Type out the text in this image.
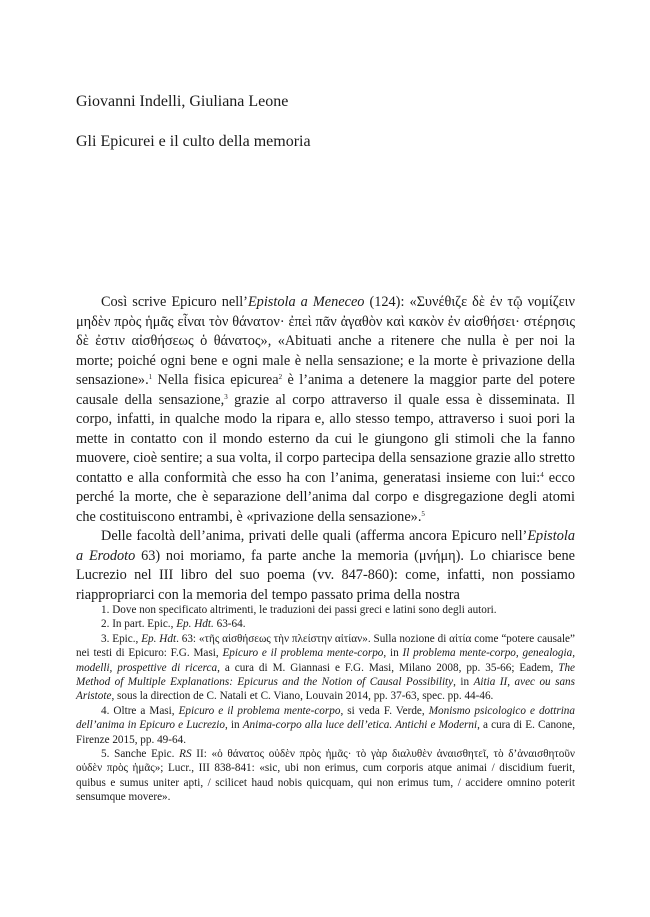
Giovanni Indelli, Giuliana Leone
Gli Epicurei e il culto della memoria

Così scrive Epicuro nell’Epistola a Meneceo (124): «Συνέθιζε δὲ ἐν τῷ νομίζειν μηδὲν πρὸς ἡμᾶς εἶναι τὸν θάνατον· ἐπεὶ πᾶν ἀγαθὸν καὶ κακὸν ἐν αἰσθήσει· στέρησις δὲ ἐστιν αἰσθήσεως ὁ θάνατος», «Abituati anche a ritenere che nulla è per noi la morte; poiché ogni bene e ogni male è nella sensazione; e la morte è privazione della sensazione».$^1$ Nella fisica epicurea$^2$ è l’anima a detenere la maggior parte del potere causale della sensazione,$^3$ grazie al corpo attraverso il quale essa è disseminata. Il corpo, infatti, in qualche modo la ripara e, allo stesso tempo, attraverso i suoi pori la mette in contatto con il mondo esterno da cui le giungono gli stimoli che la fanno muovere, cioè sentire; a sua volta, il corpo partecipa della sensazione grazie allo stretto contatto e alla conformità che esso ha con l’anima, generatasi insieme con lui:$^4$ ecco perché la morte, che è separazione dell’anima dal corpo e disgregazione degli atomi che costituiscono entrambi, è «privazione della sensazione».$^5$

Delle facoltà dell’anima, privati delle quali (afferma ancora Epicuro nell’Epistola a Erodoto 63) noi moriamo, fa parte anche la memoria (μνήμη). Lo chiarisce bene Lucrezio nel III libro del suo poema (vv. 847-860): come, infatti, non possiamo riappropriarci con la memoria del tempo passato prima della nostra

1. Dove non specificato altrimenti, le traduzioni dei passi greci e latini sono degli autori.

2. In part. Epic., Ep. Hdt. 63-64.

3. Epic., Ep. Hdt. 63: «τῆς αἰσθήσεως τὴν πλείστην αἰτίαν». Sulla nozione di αἰτία come “potere causale” nei testi di Epicuro: F.G. Masi, Epicuro e il problema mente-corpo, in Il problema mente-corpo, genealogia, modelli, prospettive di ricerca, a cura di M. Giannasi e F.G. Masi, Milano 2008, pp. 35-66; Eadem, The Method of Multiple Explanations: Epicurus and the Notion of Causal Possibility, in Aitia II, avec ou sans Aristote, sous la direction de C. Natali et C. Viano, Louvain 2014, pp. 37-63, spec. pp. 44-46.

4. Oltre a Masi, Epicuro e il problema mente-corpo, si veda F. Verde, Monismo psicologico e dottrina dell’anima in Epicuro e Lucrezio, in Anima-corpo alla luce dell’etica. Antichi e Moderni, a cura di E. Canone, Firenze 2015, pp. 49-64.

5. Sanche Epic. RS II: «ὁ θάνατος οὐδὲν πρὸς ἡμᾶς· τὸ γὰρ διαλυθὲν ἀναισθητεῖ, τὸ δ’ἀναισθητοῦν οὐδὲν πρὸς ἡμᾶς»; Lucr., III 838-841: «sic, ubi non erimus, cum corporis atque animai / discidium fuerit, quibus e sumus uniter apti, / scilicet haud nobis quicquam, qui non erimus tum, / accidere omnino poterit sensumque movere».
